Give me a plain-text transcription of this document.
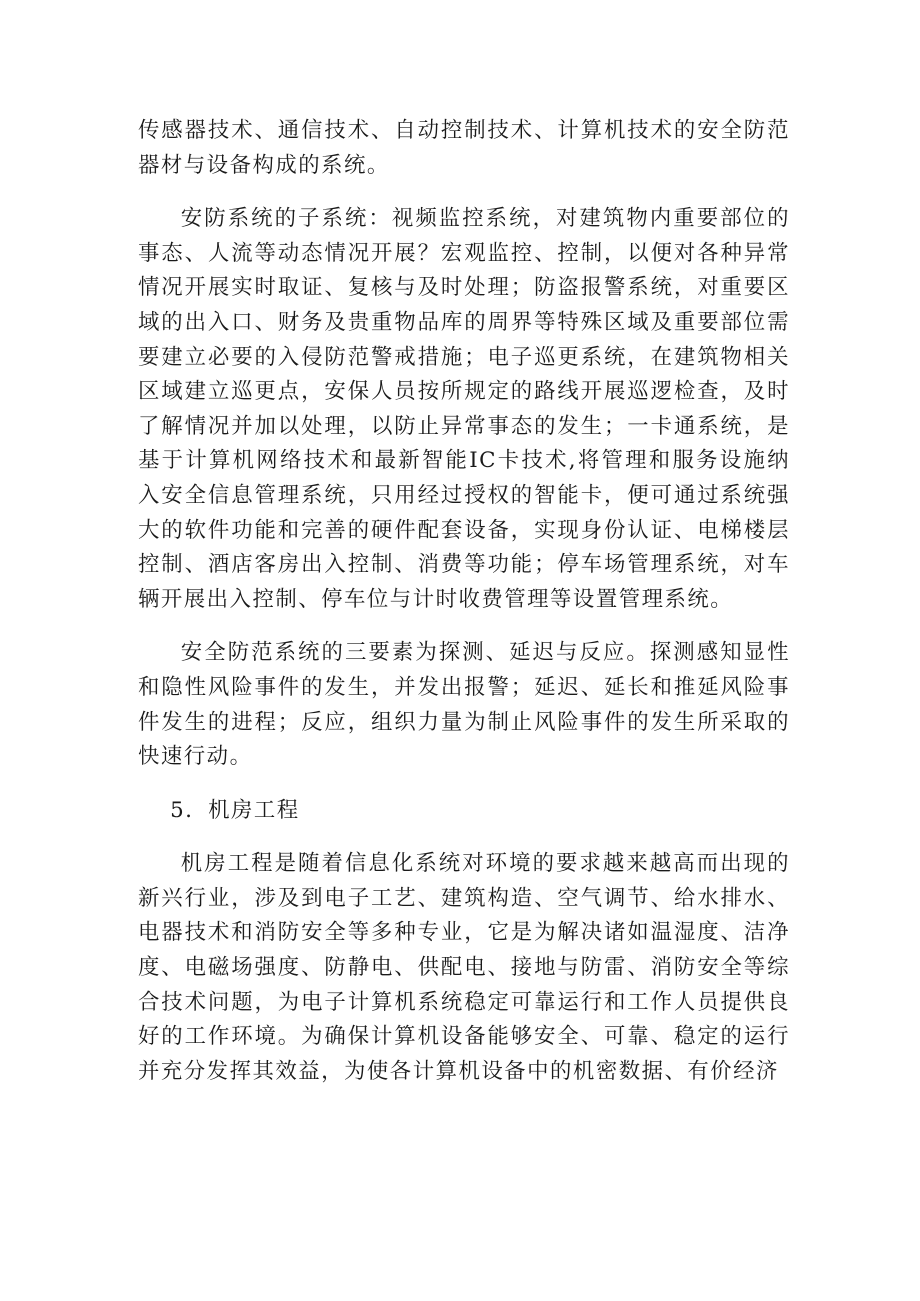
传感器技术、通信技术、自动控制技术、计算机技术的安全防范器材与设备构成的系统。

安防系统的子系统：视频监控系统，对建筑物内重要部位的事态、人流等动态情况开展？宏观监控、控制，以便对各种异常情况开展实时取证、复核与及时处理；防盗报警系统，对重要区域的出入口、财务及贵重物品库的周界等特殊区域及重要部位需要建立必要的入侵防范警戒措施；电子巡更系统，在建筑物相关区域建立巡更点，安保人员按所规定的路线开展巡逻检查，及时了解情况并加以处理，以防止异常事态的发生；一卡通系统，是基于计算机网络技术和最新智能IC卡技术,将管理和服务设施纳入安全信息管理系统，只用经过授权的智能卡，便可通过系统强大的软件功能和完善的硬件配套设备，实现身份认证、电梯楼层控制、酒店客房出入控制、消费等功能；停车场管理系统，对车辆开展出入控制、停车位与计时收费管理等设置管理系统。

安全防范系统的三要素为探测、延迟与反应。探测感知显性和隐性风险事件的发生，并发出报警；延迟、延长和推延风险事件发生的进程；反应，组织力量为制止风险事件的发生所采取的快速行动。

5．机房工程

机房工程是随着信息化系统对环境的要求越来越高而出现的新兴行业，涉及到电子工艺、建筑构造、空气调节、给水排水、电器技术和消防安全等多种专业，它是为解决诸如温湿度、洁净度、电磁场强度、防静电、供配电、接地与防雷、消防安全等综合技术问题，为电子计算机系统稳定可靠运行和工作人员提供良好的工作环境。为确保计算机设备能够安全、可靠、稳定的运行并充分发挥其效益，为使各计算机设备中的机密数据、有价经济
